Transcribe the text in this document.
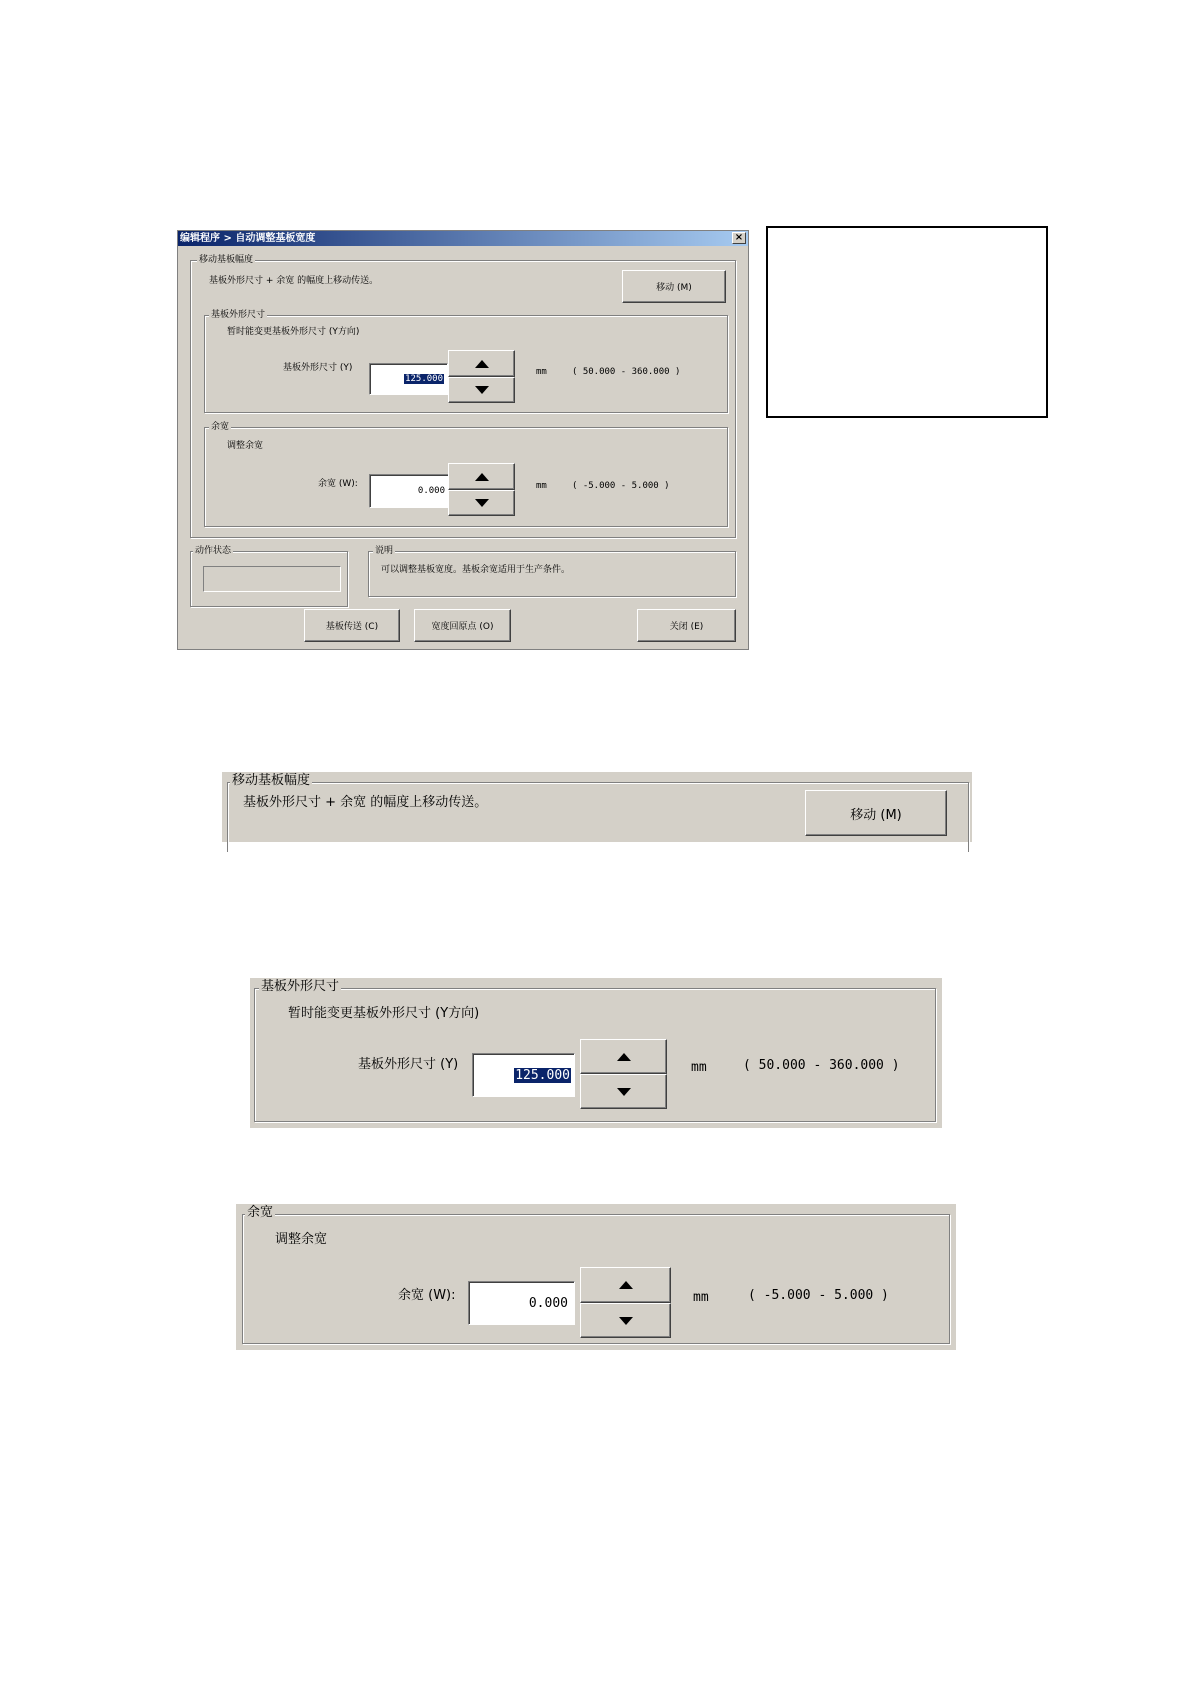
编辑程序 > 自动调整基板宽度	×
移动基板幅度
基板外形尺寸 + 余宽 的幅度上移动传送。
移动 (M)
基板外形尺寸
暂时能变更基板外形尺寸 (Y方向)
基板外形尺寸 (Y)
125.000
mm	( 50.000 - 360.000 )
余宽
调整余宽
余宽 (W):
0.000	mm	( -5.000 - 5.000 )
动作状态	说明
可以调整基板宽度。基板余宽适用于生产条件。
基板传送 (C)	宽度回原点 (O)	关闭 (E)
移动基板幅度
基板外形尺寸 + 余宽 的幅度上移动传送。
移动 (M)
基板外形尺寸
暂时能变更基板外形尺寸 (Y方向)
基板外形尺寸 (Y)
125.000	mm	( 50.000 - 360.000 )
余宽
调整余宽
余宽 (W):	0.000	mm	( -5.000 - 5.000 )
